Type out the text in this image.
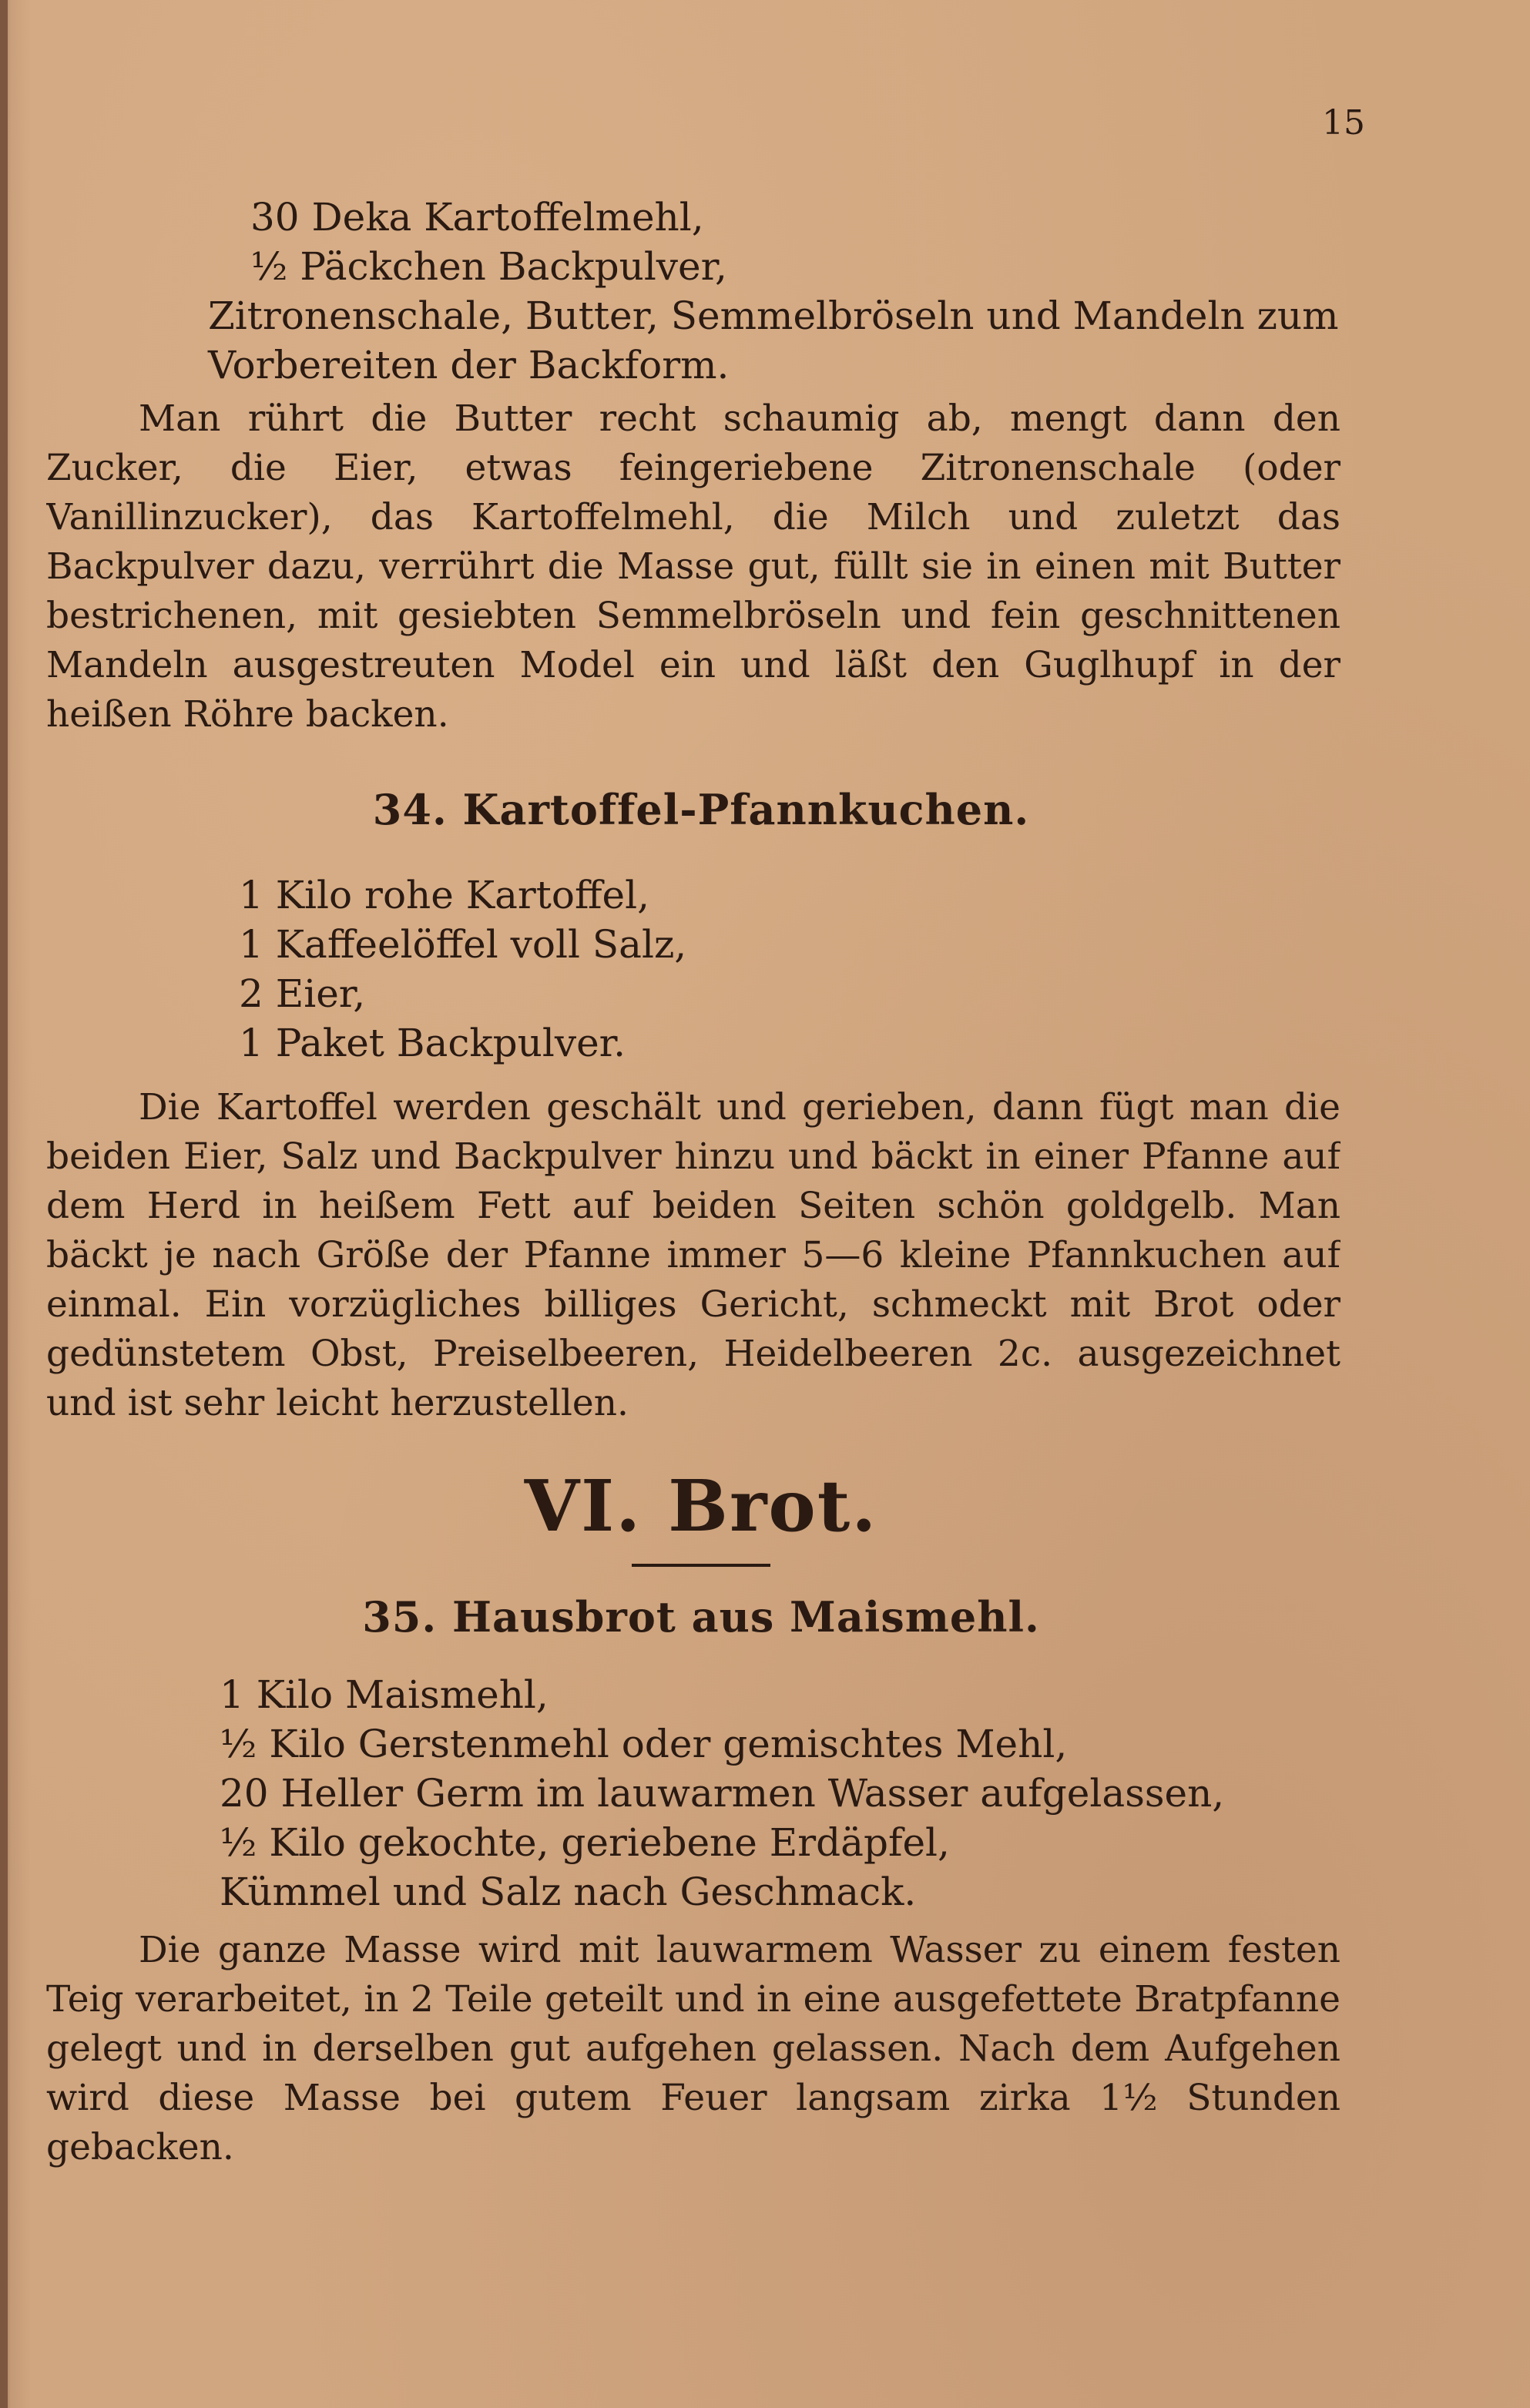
15
30 Deka Kartoffelmehl,
½ Päckchen Backpulver,
Zitronenschale, Butter, Semmelbröseln und Mandeln zum
Vorbereiten der Backform.

Man rührt die Butter recht schaumig ab, mengt dann den Zucker, die Eier, etwas feingeriebene Zitronenschale (oder Vanillinzucker), das Kartoffelmehl, die Milch und zuletzt das Backpulver dazu, verrührt die Masse gut, füllt sie in einen mit Butter bestrichenen, mit gesiebten Semmelbröseln und fein geschnittenen Mandeln ausgestreuten Model ein und läßt den Guglhupf in der heißen Röhre backen.

34. Kartoffel-Pfannkuchen.
1 Kilo rohe Kartoffel,
1 Kaffeelöffel voll Salz,
2 Eier,
1 Paket Backpulver.

Die Kartoffel werden geschält und gerieben, dann fügt man die beiden Eier, Salz und Backpulver hinzu und bäckt in einer Pfanne auf dem Herd in heißem Fett auf beiden Seiten schön goldgelb. Man bäckt je nach Größe der Pfanne immer 5—6 kleine Pfannkuchen auf einmal. Ein vorzügliches billiges Gericht, schmeckt mit Brot oder gedünstetem Obst, Preiselbeeren, Heidelbeeren 2c. ausgezeichnet und ist sehr leicht herzustellen.

VI. Brot.
35. Hausbrot aus Maismehl.
1 Kilo Maismehl,
½ Kilo Gerstenmehl oder gemischtes Mehl,
20 Heller Germ im lauwarmen Wasser aufgelassen,
½ Kilo gekochte, geriebene Erdäpfel,
Kümmel und Salz nach Geschmack.

Die ganze Masse wird mit lauwarmem Wasser zu einem festen Teig verarbeitet, in 2 Teile geteilt und in eine ausgefettete Bratpfanne gelegt und in derselben gut aufgehen gelassen. Nach dem Aufgehen wird diese Masse bei gutem Feuer langsam zirka 1½ Stunden gebacken.
